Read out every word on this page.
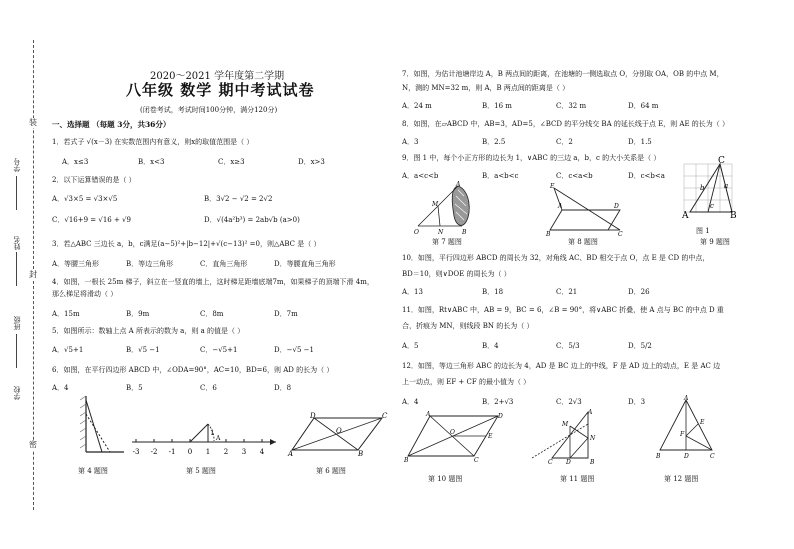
装
封
密
学号
姓名
班级
学校
2020～2021 学年度第二学期
八年级 数学 期中考试试卷
(闭卷考试，考试时间100分钟，满分120分)
一、选择题 （每题 3分，共36分）
1．若式子 √(x－3) 在实数范围内有意义，则x的取值范围是（ ）
A．x≤3	B．x<3	C．x≥3	D．x>3
2．以下运算错误的是（ ）
A．√3×5 = √3×√5	B．3√2 − √2 = 2√2
C．√16+9 = √16 + √9	D．√(4a²b³) = 2ab√b (a>0)
3．若△ABC 三边长 a，b，c满足(a−5)²+|b−12|+√(c−13)² =0，则△ABC 是（ ）
A．等腰三角形	B．等边三角形	C．直角三角形	D．等腰直角三角形
4．如图，一根长 25m 梯子，斜立在一竖直的墙上，这时梯足距墙底端7m，如果梯子的顶端下滑 4m，
那么梯足将滑动（ ）
A．15m	B．9m	C．8m	D．7m
5．如图所示：数轴上点 A 所表示的数为 a，则 a 的值是（ ）
A．√5+1	B．√5 −1	C．−√5+1	D．−√5 −1
6．如图，在平行四边形 ABCD 中，∠ODA=90°，AC=10，BD=6，则 AD 的长为（ ）
A．4	B．5	C．6	D．8
第 4 题图
1
A
-3 -2 -1 0 1 2 3 4
第 5 题图
D	C
A	B
O
第 6 题图
7．如图，为估计池塘岸边 A，B 两点间的距离，在池塘的一侧选取点 O，分别取 OA，OB 的中点 M，
N，测的 MN=32 m，则 A，B 两点间的距离是（ ）
A．24 m	B．16 m	C．32 m	D．64 m
8．如图，在▱ABCD 中，AB=3，AD=5，∠BCD 的平分线交 BA 的延长线于点 E，则 AE 的长为（ ）
A．3	B．2.5	C．2	D．1.5
9．图 1 中，每个小正方形的边长为 1，∨ABC 的三边 a，b，c 的大小关系是（ ）
A．a<c<b	B．a<b<c	C．c<a<b	D．c<b<a
O
A
B
M
N
第 7 题图
E
A	D
B	C
第 8 题图
C
A	B
b	a
c
图 1
第 9 题图
10．如图，平行四边形 ABCD 的周长为 32，对角线 AC、BD 相交于点 O，点 E 是 CD 的中点，
BD＝10，则∨DOE 的周长为（ ）
A．13	B．18	C．21	D．26
11．如图，Rt∨ABC 中，AB = 9，BC = 6，∠B = 90°，将∨ABC 折叠，使 A 点与 BC 的中点 D 重
合，折痕为 MN，则线段 BN 的长为（ ）
A．5	B．4	C．5/3	D．5/2
12．如图，等边三角形 ABC 的边长为 4，AD 是 BC 边上的中线，F 是 AD 边上的动点，E 是 AC 边
上一动点，则 EF + CF 的最小值为（ ）
A．4	B．2+√3	C．2√3	D．3
A	D
B	C
O
E
第 10 题图
A
M
N
D	B
C
第 11 题图
A
B	C
D
F
E
第 12 题图
